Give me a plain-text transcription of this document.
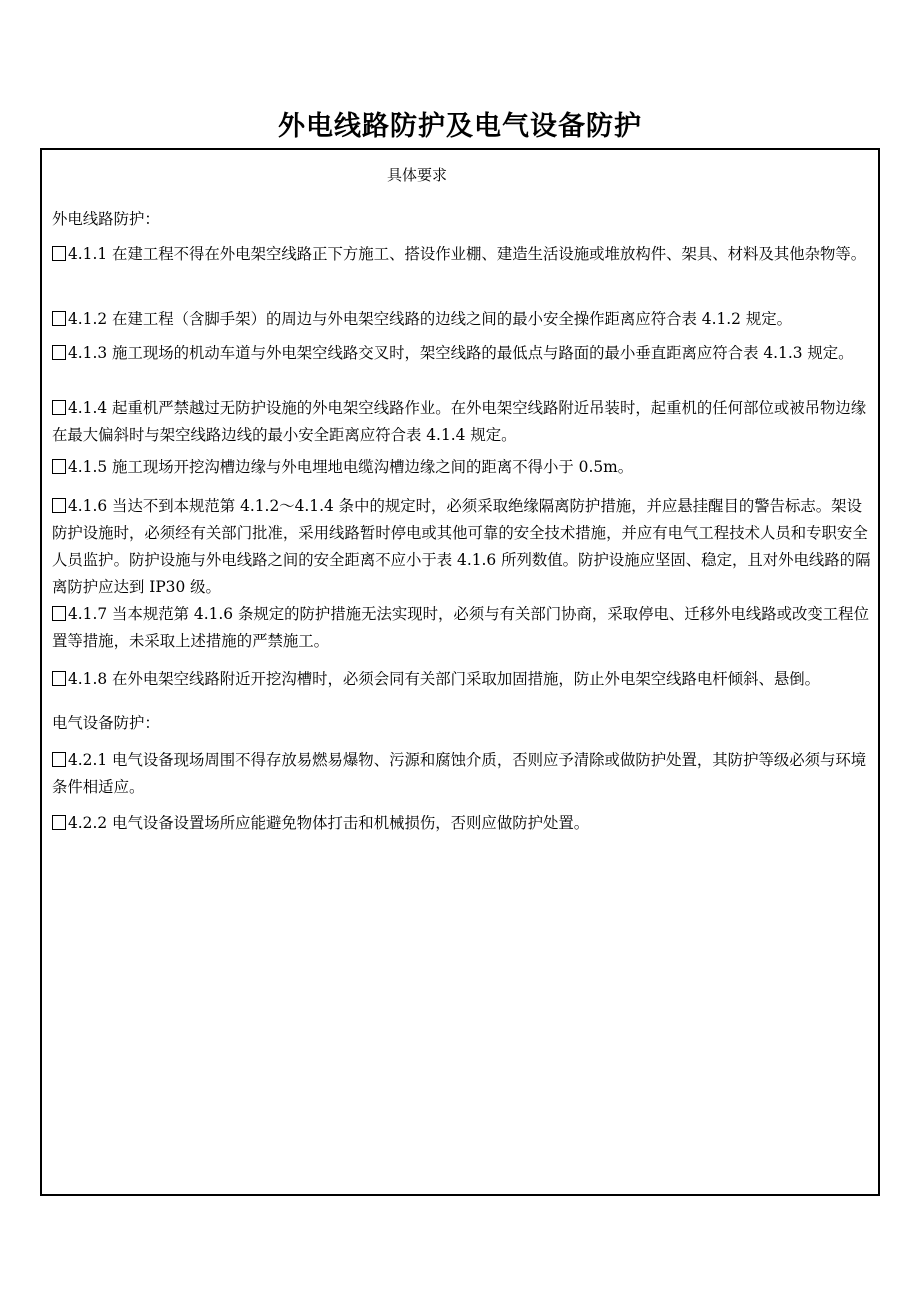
外电线路防护及电气设备防护
具体要求
外电线路防护：
4.1.1 在建工程不得在外电架空线路正下方施工、搭设作业棚、建造生活设施或堆放构件、架具、材料及其他杂物等。
4.1.2 在建工程（含脚手架）的周边与外电架空线路的边线之间的最小安全操作距离应符合表 4.1.2 规定。
4.1.3 施工现场的机动车道与外电架空线路交叉时，架空线路的最低点与路面的最小垂直距离应符合表 4.1.3 规定。
4.1.4 起重机严禁越过无防护设施的外电架空线路作业。在外电架空线路附近吊装时，起重机的任何部位或被吊物边缘在最大偏斜时与架空线路边线的最小安全距离应符合表 4.1.4 规定。
4.1.5 施工现场开挖沟槽边缘与外电埋地电缆沟槽边缘之间的距离不得小于 0.5m。
4.1.6 当达不到本规范第 4.1.2～4.1.4 条中的规定时，必须采取绝缘隔离防护措施，并应悬挂醒目的警告标志。架设防护设施时，必须经有关部门批准，采用线路暂时停电或其他可靠的安全技术措施，并应有电气工程技术人员和专职安全人员监护。防护设施与外电线路之间的安全距离不应小于表 4.1.6 所列数值。防护设施应坚固、稳定，且对外电线路的隔离防护应达到 IP30 级。
4.1.7 当本规范第 4.1.6 条规定的防护措施无法实现时，必须与有关部门协商，采取停电、迁移外电线路或改变工程位置等措施，未采取上述措施的严禁施工。
4.1.8 在外电架空线路附近开挖沟槽时，必须会同有关部门采取加固措施，防止外电架空线路电杆倾斜、悬倒。
电气设备防护：
4.2.1 电气设备现场周围不得存放易燃易爆物、污源和腐蚀介质，否则应予清除或做防护处置，其防护等级必须与环境条件相适应。
4.2.2 电气设备设置场所应能避免物体打击和机械损伤，否则应做防护处置。
